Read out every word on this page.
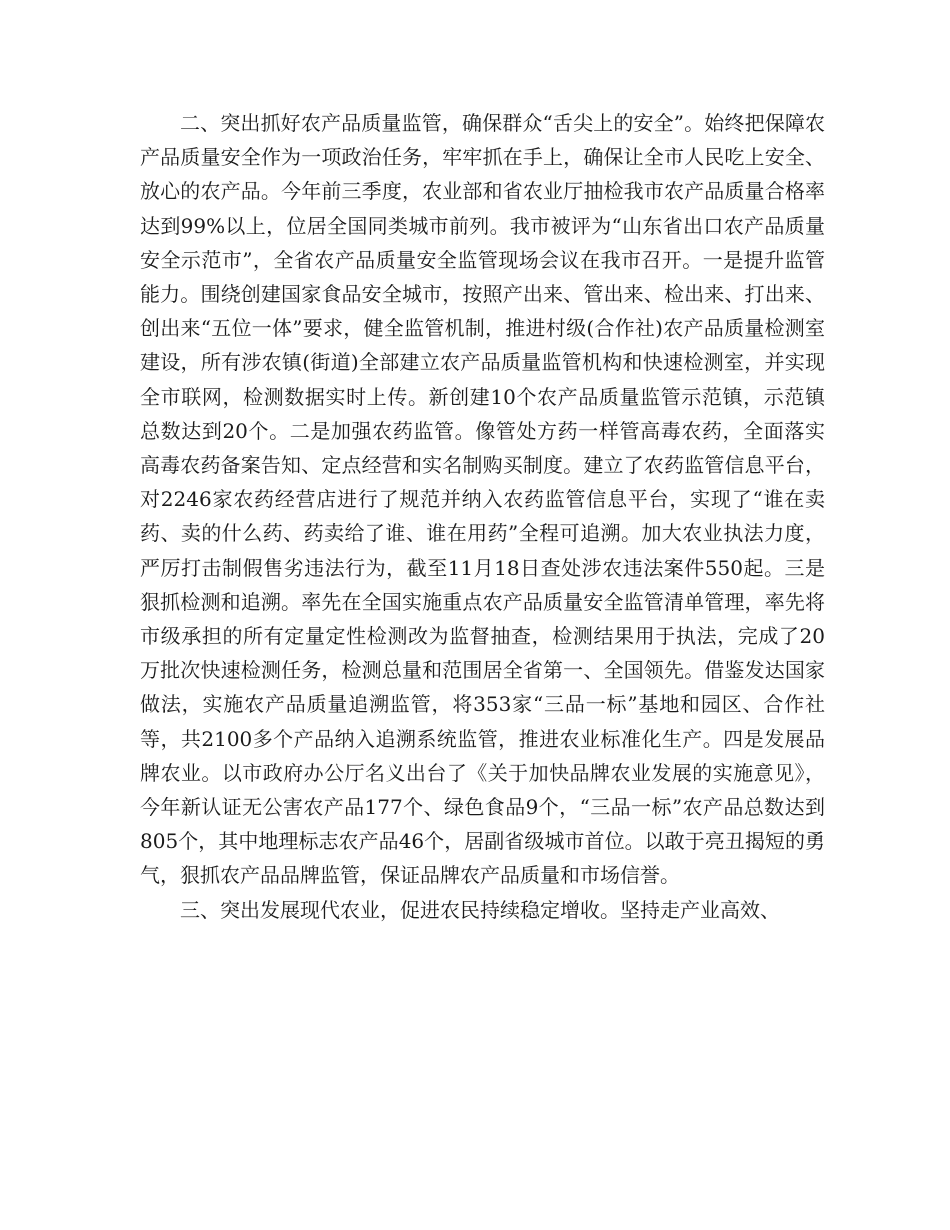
二、突出抓好农产品质量监管，确保群众“舌尖上的安全”。始终把保障农产品质量安全作为一项政治任务，牢牢抓在手上，确保让全市人民吃上安全、放心的农产品。今年前三季度，农业部和省农业厅抽检我市农产品质量合格率达到99%以上，位居全国同类城市前列。我市被评为“山东省出口农产品质量安全示范市”，全省农产品质量安全监管现场会议在我市召开。一是提升监管能力。围绕创建国家食品安全城市，按照产出来、管出来、检出来、打出来、创出来“五位一体”要求，健全监管机制，推进村级(合作社)农产品质量检测室建设，所有涉农镇(街道)全部建立农产品质量监管机构和快速检测室，并实现全市联网，检测数据实时上传。新创建10个农产品质量监管示范镇，示范镇总数达到20个。二是加强农药监管。像管处方药一样管高毒农药，全面落实高毒农药备案告知、定点经营和实名制购买制度。建立了农药监管信息平台，对2246家农药经营店进行了规范并纳入农药监管信息平台，实现了“谁在卖药、卖的什么药、药卖给了谁、谁在用药”全程可追溯。加大农业执法力度，严厉打击制假售劣违法行为，截至11月18日查处涉农违法案件550起。三是狠抓检测和追溯。率先在全国实施重点农产品质量安全监管清单管理，率先将市级承担的所有定量定性检测改为监督抽查，检测结果用于执法，完成了20万批次快速检测任务，检测总量和范围居全省第一、全国领先。借鉴发达国家做法，实施农产品质量追溯监管，将353家“三品一标”基地和园区、合作社等，共2100多个产品纳入追溯系统监管，推进农业标准化生产。四是发展品牌农业。以市政府办公厅名义出台了《关于加快品牌农业发展的实施意见》，今年新认证无公害农产品177个、绿色食品9个，“三品一标”农产品总数达到805个，其中地理标志农产品46个，居副省级城市首位。以敢于亮丑揭短的勇气，狠抓农产品品牌监管，保证品牌农产品质量和市场信誉。

三、突出发展现代农业，促进农民持续稳定增收。坚持走产业高效、
